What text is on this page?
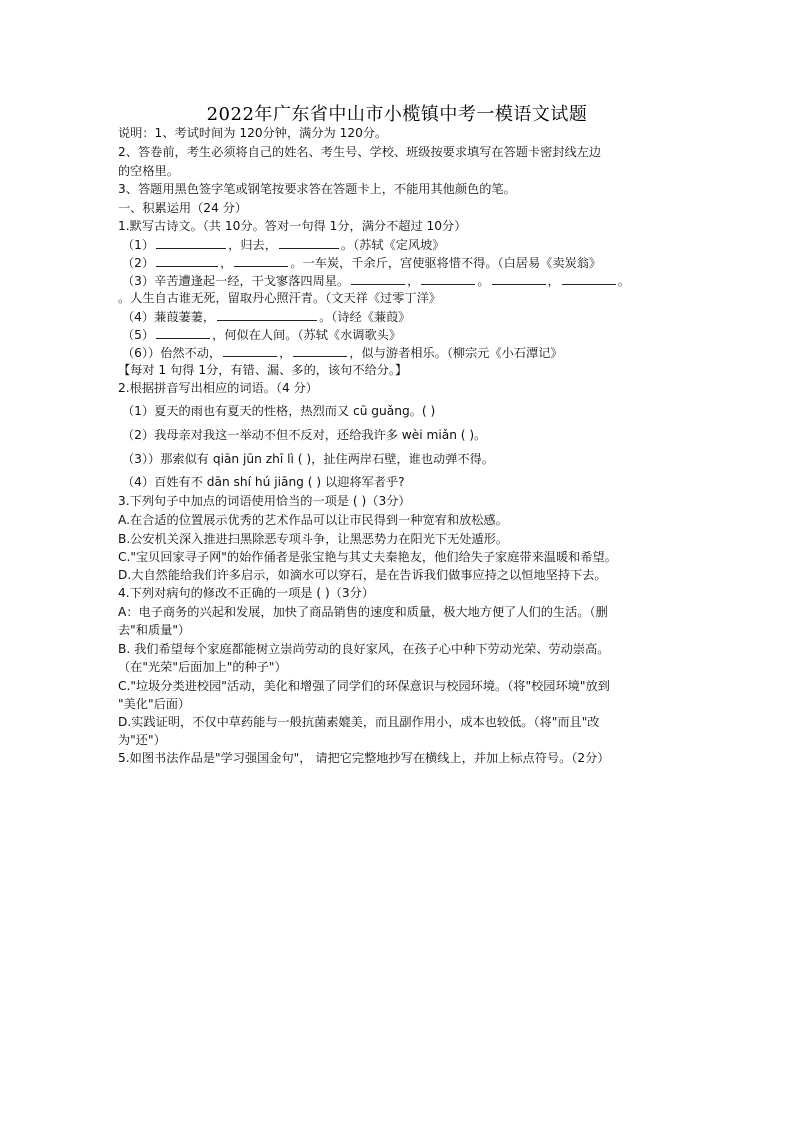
2022年广东省中山市小榄镇中考一模语文试题
说明：1、考试时间为 120分钟，满分为 120分。
2、答卷前，考生必须将自己的姓名、考生号、学校、班级按要求填写在答题卡密封线左边
的空格里。
3、答题用黑色签字笔或钢笔按要求答在答题卡上，不能用其他颜色的笔。
一、积累运用（24 分）
1.默写古诗文。（共 10分。答对一句得 1分，满分不超过 10分）
（1）	，归去，	。（苏轼《定风坡》
（2）	，	。一车炭，千余斤，宫使驱将惜不得。（白居易《卖炭翁》
（3）辛苦遭逢起一经，干戈寥落四周星。	，	。	，	。
。人生自古谁无死，留取丹心照汗青。（文天祥《过零丁洋》
（4）蒹葭萋萋，	。（诗经《蒹葭》
（5）	，何似在人间。（苏轼《水调歌头》
（6））佁然不动，	，	，似与游者相乐。（柳宗元《小石潭记》
【每对 1 句得 1分，有错、漏、多的，该句不给分。】
2.根据拼音写出相应的词语。（4 分）
（1）夏天的雨也有夏天的性格，热烈而又 cū guǎng。( )
（2）我母亲对我这一举动不但不反对，还给我许多 wèi miǎn ( )。
（3））那索似有 qiān jūn zhī lì ( )，扯住两岸石壁，谁也动弹不得。
（4）百姓有不 dān shí hú jiāng ( ) 以迎将军者乎?
3.下列句子中加点的词语使用恰当的一项是 ( )（3分）
A.在合适的位置展示优秀的艺术作品可以让市民得到一种宽宥和放松感。
B.公安机关深入推进扫黑除恶专项斗争，让黑恶势力在阳光下无处遁形。
C."宝贝回家寻子网"的始作俑者是张宝艳与其丈夫秦艳友，他们给失子家庭带来温暖和希望。
D.大自然能给我们许多启示，如滴水可以穿石，是在告诉我们做事应持之以恒地坚持下去。
4.下列对病句的修改不正确的一项是 ( )（3分）
A：电子商务的兴起和发展，加快了商品销售的速度和质量，极大地方便了人们的生活。（删
去"和质量"）
B. 我们希望每个家庭都能树立崇尚劳动的良好家风，在孩子心中种下劳动光荣、劳动崇高。
（在"光荣"后面加上"的种子"）
C."垃圾分类进校园"活动，美化和增强了同学们的环保意识与校园环境。（将"校园环境"放到
"美化"后面）
D.实践证明，不仅中草药能与一般抗菌素媲美，而且副作用小，成本也较低。（将"而且"改
为"还"）
5.如图书法作品是"学习强国金句"， 请把它完整地抄写在横线上，并加上标点符号。（2分）
